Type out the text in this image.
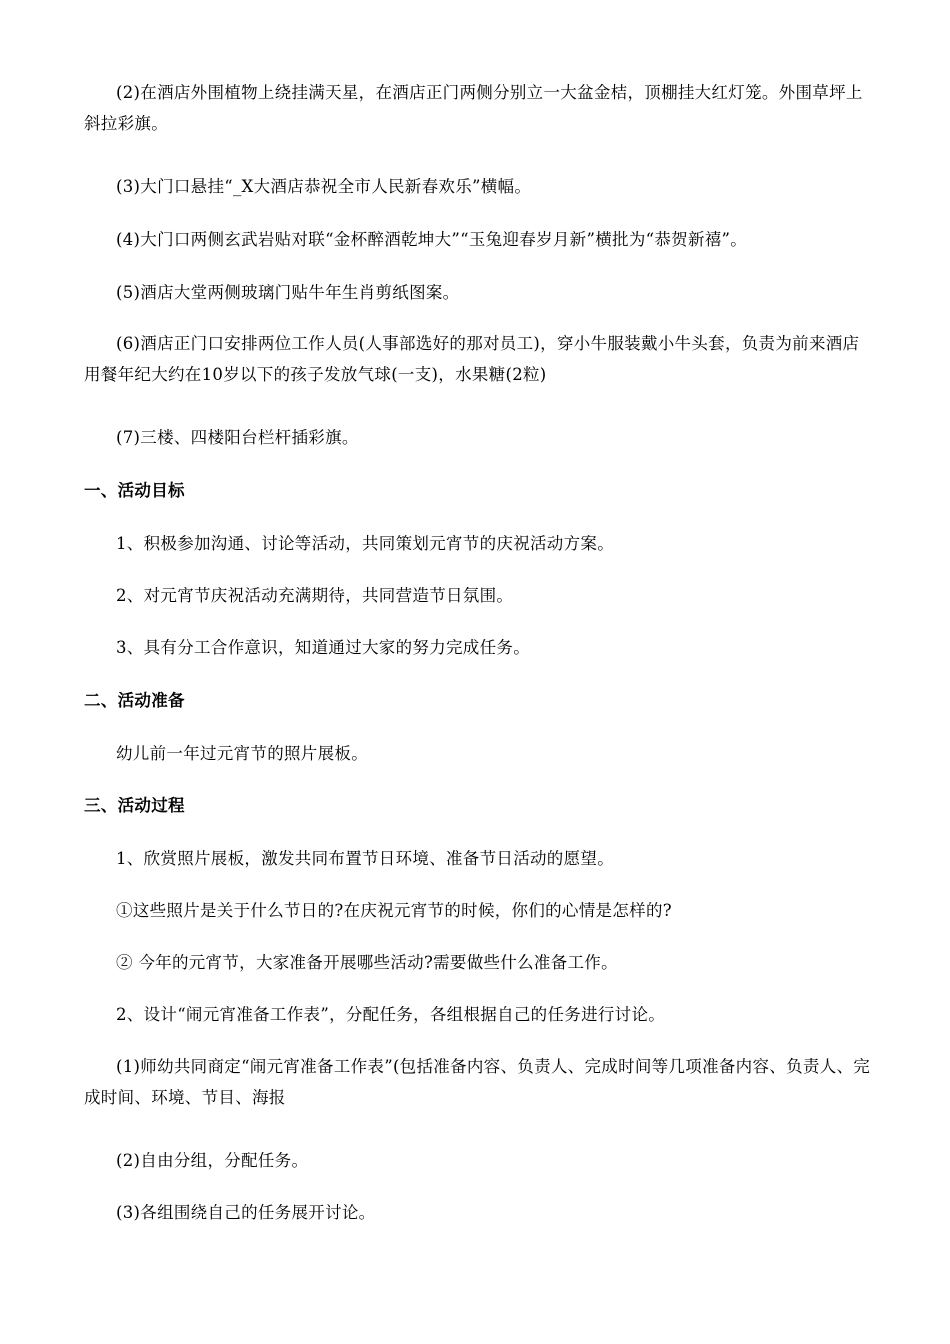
(2)在酒店外围植物上绕挂满天星，在酒店正门两侧分别立一大盆金桔，顶棚挂大红灯笼。外围草坪上斜拉彩旗。

(3)大门口悬挂“_X大酒店恭祝全市人民新春欢乐”横幅。

(4)大门口两侧玄武岩贴对联“金杯醉酒乾坤大”“玉兔迎春岁月新”横批为“恭贺新禧”。

(5)酒店大堂两侧玻璃门贴牛年生肖剪纸图案。

(6)酒店正门口安排两位工作人员(人事部选好的那对员工)，穿小牛服装戴小牛头套，负责为前来酒店用餐年纪大约在10岁以下的孩子发放气球(一支)，水果糖(2粒)

(7)三楼、四楼阳台栏杆插彩旗。

一、活动目标

1、积极参加沟通、讨论等活动，共同策划元宵节的庆祝活动方案。

2、对元宵节庆祝活动充满期待，共同营造节日氛围。

3、具有分工合作意识，知道通过大家的努力完成任务。

二、活动准备

幼儿前一年过元宵节的照片展板。

三、活动过程

1、欣赏照片展板，激发共同布置节日环境、准备节日活动的愿望。

①这些照片是关于什么节日的?在庆祝元宵节的时候，你们的心情是怎样的?

② 今年的元宵节，大家准备开展哪些活动?需要做些什么准备工作。

2、设计“闹元宵准备工作表”，分配任务，各组根据自己的任务进行讨论。

(1)师幼共同商定“闹元宵准备工作表”(包括准备内容、负责人、完成时间等几项准备内容、负责人、完成时间、环境、节目、海报

(2)自由分组，分配任务。

(3)各组围绕自己的任务展开讨论。
